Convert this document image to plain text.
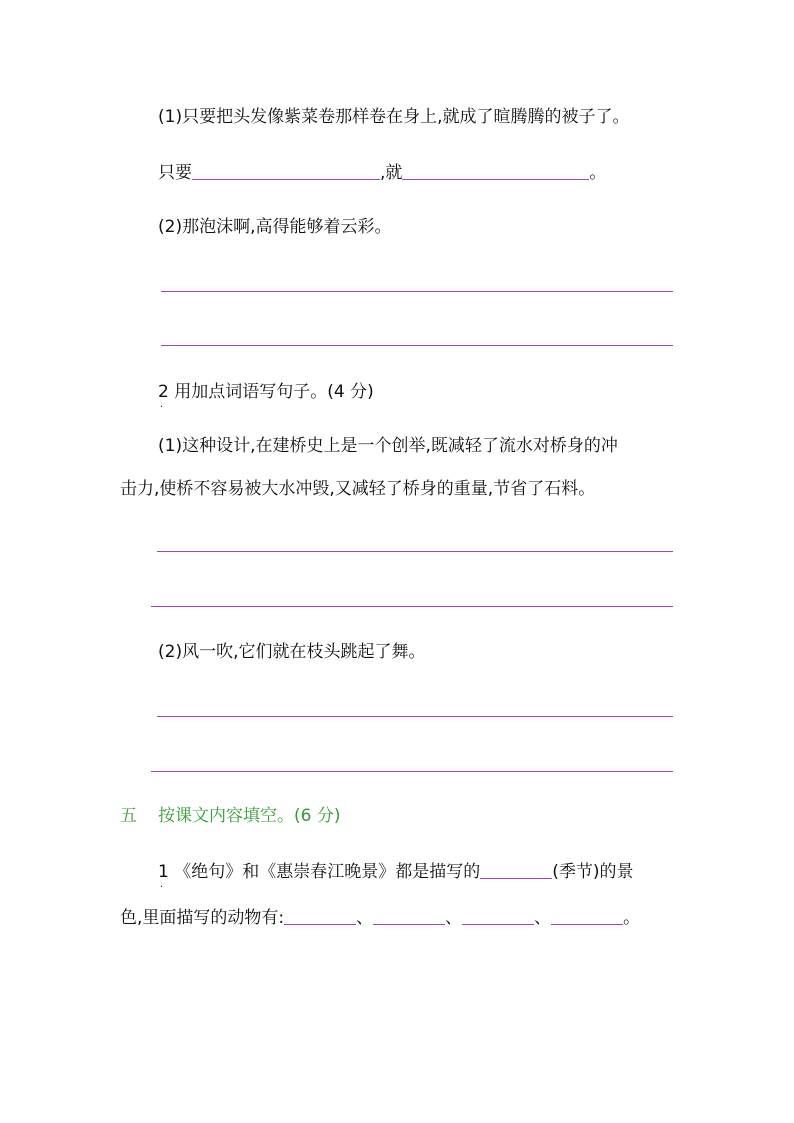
(1)只要把头发像紫菜卷那样卷在身上,就成了暄腾腾的被子了。
只要	,就	。
(2)那泡沫啊,高得能够着云彩。
2
.
用加点词语写句子。(4 分)
(1)这种设计,在建桥史上是一个创举,既减轻了流水对桥身的冲
击力,使桥不容易被大水冲毁,又减轻了桥身的重量,节省了石料。
(2)风一吹,它们就在枝头跳起了舞。
五 按课文内容填空。(6 分)
1
.
《绝句》和《惠崇春江晚景》都是描写的	(季节)的景
色,里面描写的动物有:	、	、	、	。
